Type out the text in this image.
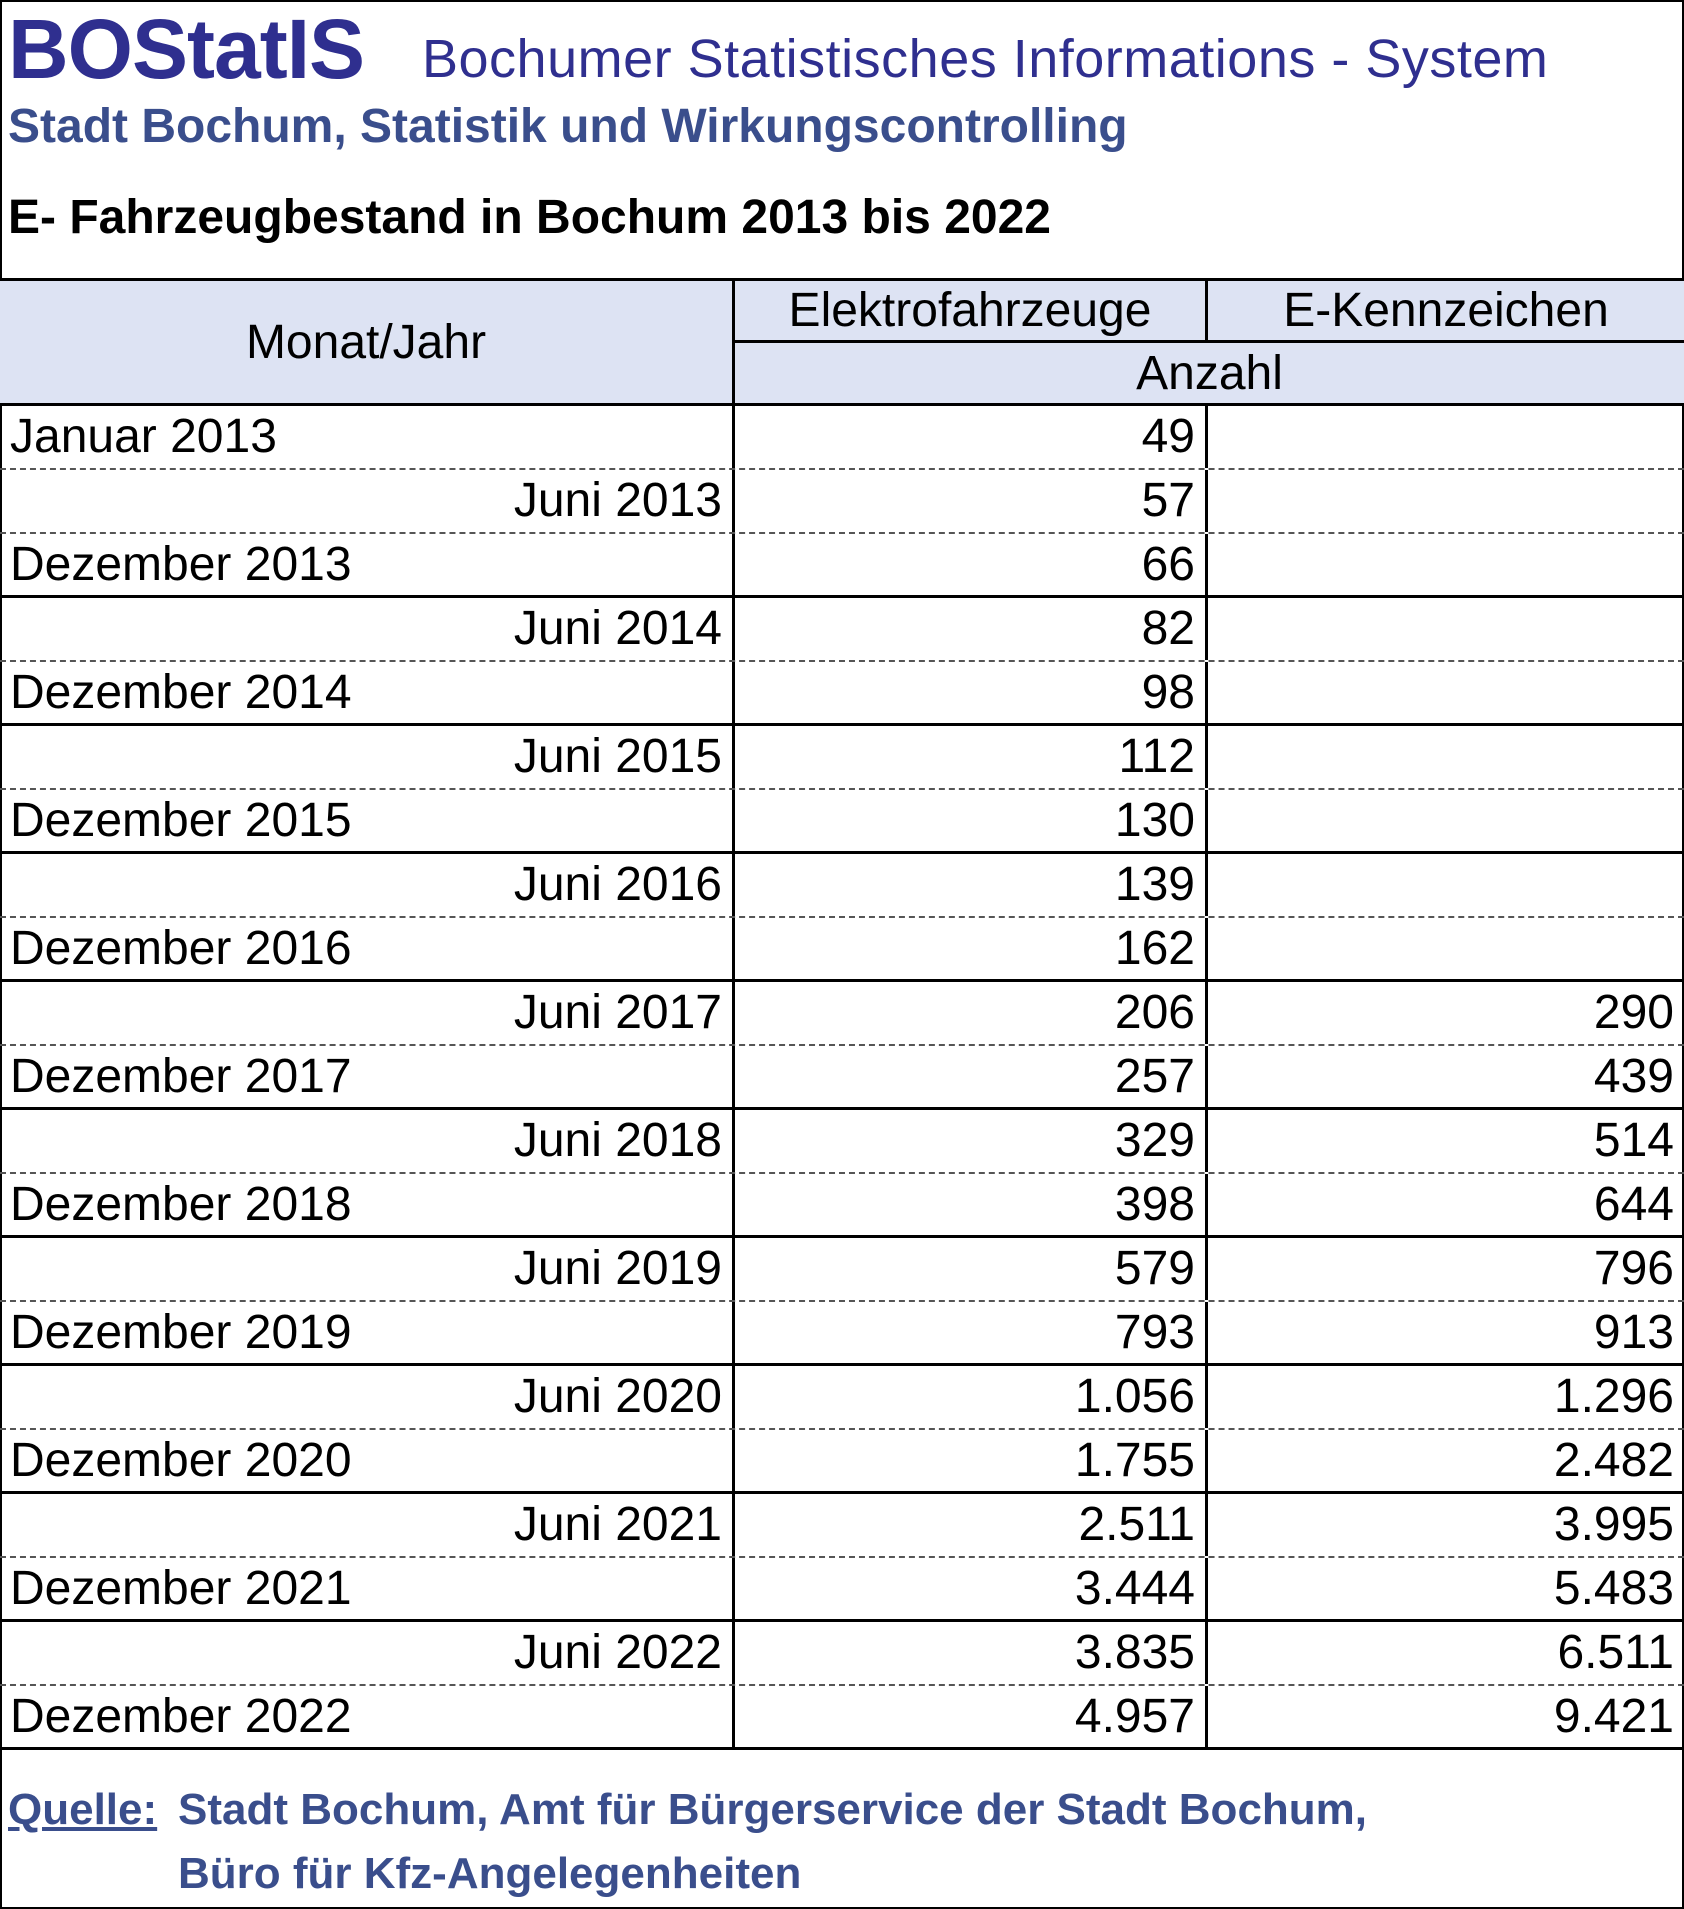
BOStatIS Bochumer Statistisches Informations - System
Stadt Bochum, Statistik und Wirkungscontrolling
E- Fahrzeugbestand in Bochum 2013 bis 2022
Monat/Jahr
Elektrofahrzeuge	E-Kennzeichen
Anzahl
Januar 2013	49
Juni 2013	57
Dezember 2013	66
Juni 2014	82
Dezember 2014	98
Juni 2015	112
Dezember 2015	130
Juni 2016	139
Dezember 2016	162
Juni 2017	206	290
Dezember 2017	257	439
Juni 2018	329	514
Dezember 2018	398	644
Juni 2019	579	796
Dezember 2019	793	913
Juni 2020	1.056	1.296
Dezember 2020	1.755	2.482
Juni 2021	2.511	3.995
Dezember 2021	3.444	5.483
Juni 2022	3.835	6.511
Dezember 2022	4.957	9.421
Quelle: Stadt Bochum, Amt für Bürgerservice der Stadt Bochum,
Büro für Kfz-Angelegenheiten
